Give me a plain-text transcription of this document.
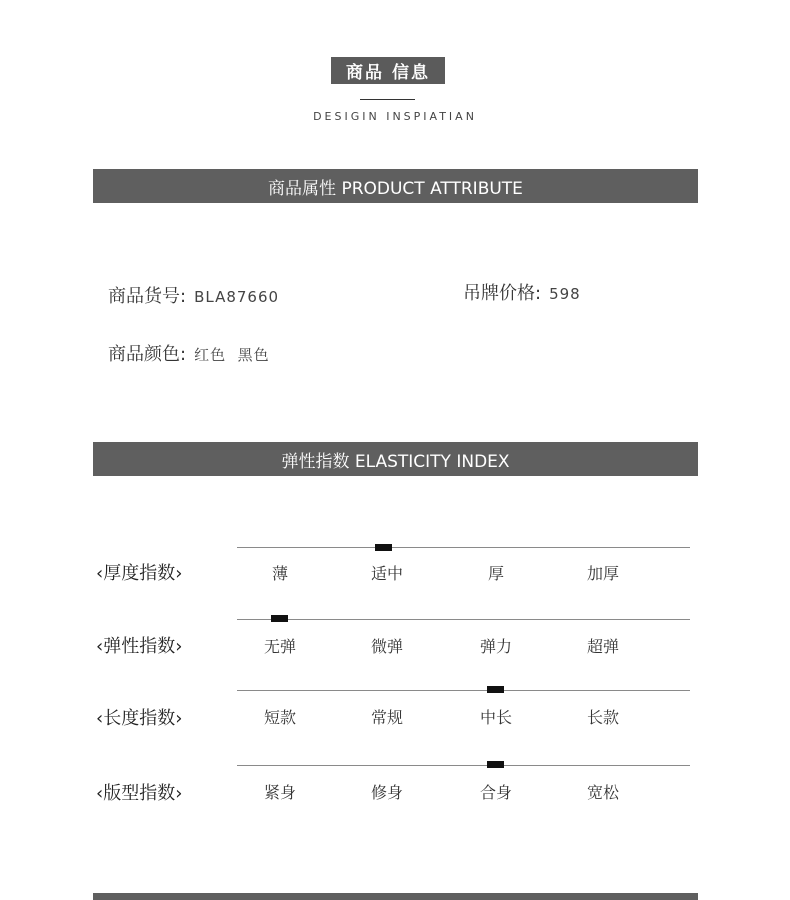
商品 信息
DESIGIN INSPIATIAN
商品属性 PRODUCT ATTRIBUTE
商品货号: BLA87660	吊牌价格: 598
商品颜色: 红色  黑色
弹性指数 ELASTICITY INDEX
‹厚度指数›	薄	适中	厚	加厚
‹弹性指数›	无弹	微弹	弹力	超弹
‹长度指数›	短款	常规	中长	长款
‹版型指数›	紧身	修身	合身	宽松
